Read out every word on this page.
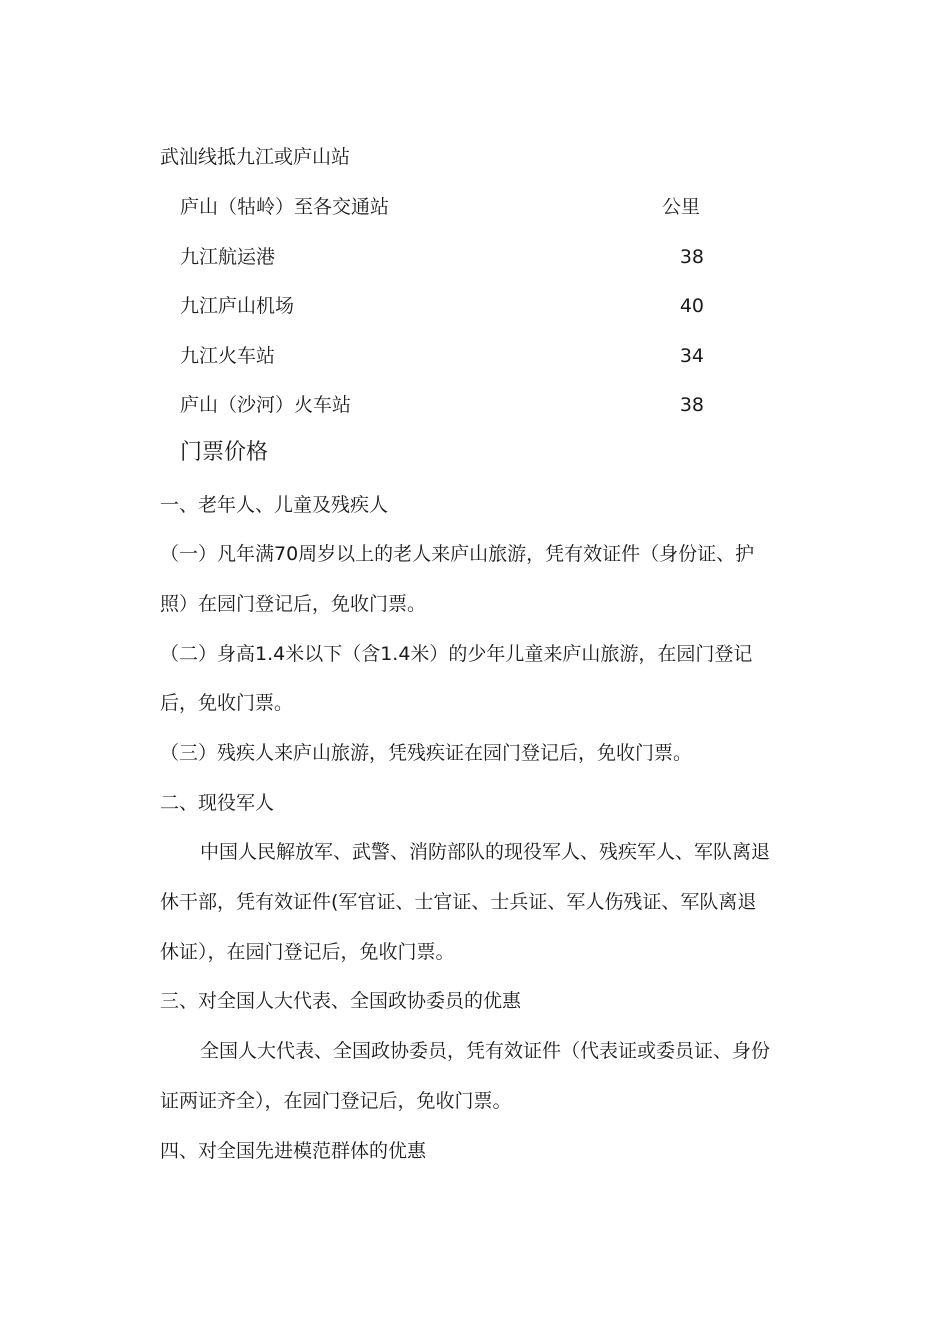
武汕线抵九江或庐山站
庐山（牯岭）至各交通站	公里
九江航运港	38
九江庐山机场	40
九江火车站	34
庐山（沙河）火车站	38
门票价格
一、老年人、儿童及残疾人
（一）凡年满70周岁以上的老人来庐山旅游，凭有效证件（身份证、护
照）在园门登记后，免收门票。
（二）身高1.4米以下（含1.4米）的少年儿童来庐山旅游，在园门登记
后，免收门票。
（三）残疾人来庐山旅游，凭残疾证在园门登记后，免收门票。
二、现役军人
中国人民解放军、武警、消防部队的现役军人、残疾军人、军队离退
休干部，凭有效证件(军官证、士官证、士兵证、军人伤残证、军队离退
休证），在园门登记后，免收门票。
三、对全国人大代表、全国政协委员的优惠
全国人大代表、全国政协委员，凭有效证件（代表证或委员证、身份
证两证齐全），在园门登记后，免收门票。
四、对全国先进模范群体的优惠
